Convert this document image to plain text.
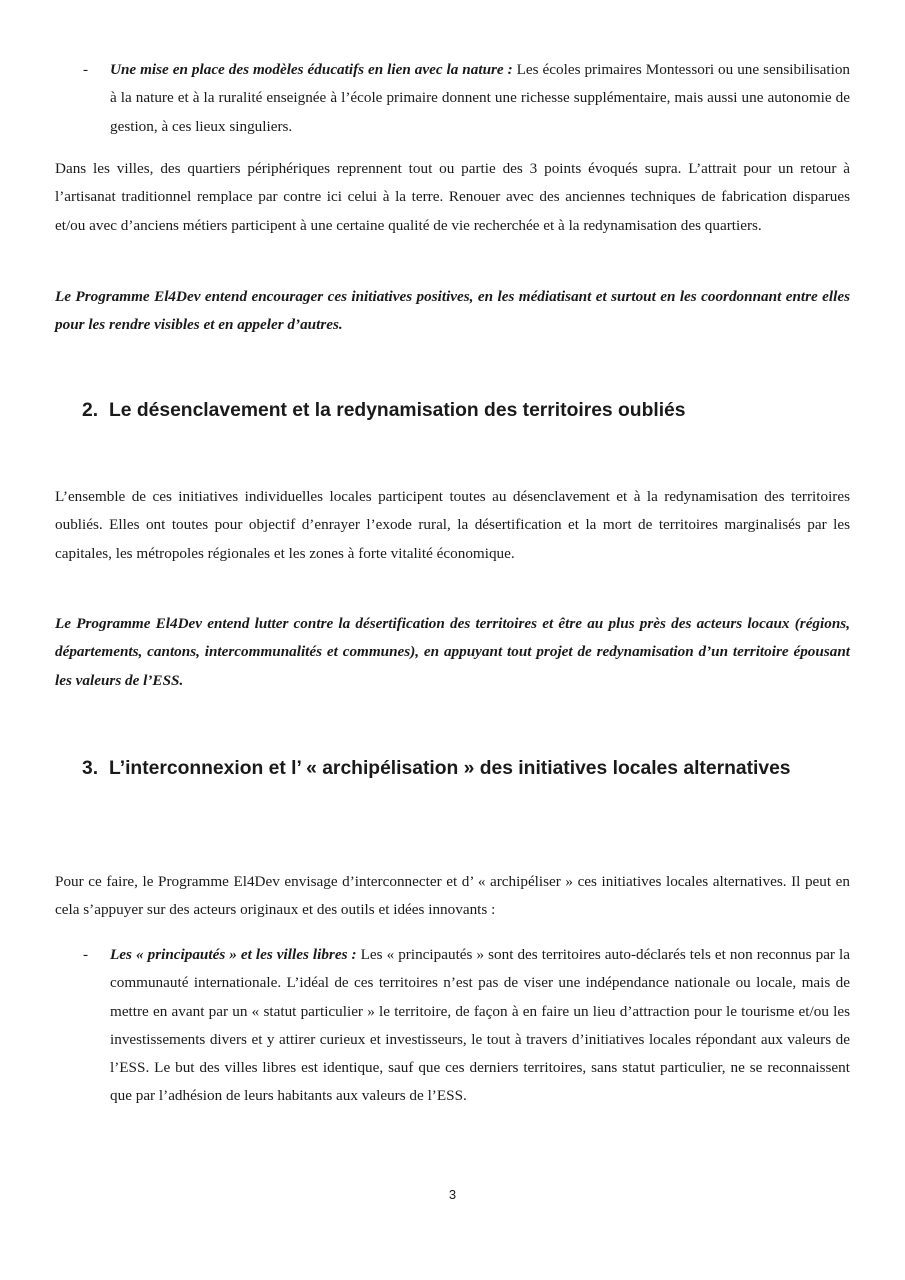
- Une mise en place des modèles éducatifs en lien avec la nature : Les écoles primaires Montessori ou une sensibilisation à la nature et à la ruralité enseignée à l’école primaire donnent une richesse supplémentaire, mais aussi une autonomie de gestion, à ces lieux singuliers.

Dans les villes, des quartiers périphériques reprennent tout ou partie des 3 points évoqués supra. L’attrait pour un retour à l’artisanat traditionnel remplace par contre ici celui à la terre. Renouer avec des anciennes techniques de fabrication disparues et/ou avec d’anciens métiers participent à une certaine qualité de vie recherchée et à la redynamisation des quartiers.

Le Programme El4Dev entend encourager ces initiatives positives, en les médiatisant et surtout en les coordonnant entre elles pour les rendre visibles et en appeler d’autres.

2. Le désenclavement et la redynamisation des territoires oubliés

L’ensemble de ces initiatives individuelles locales participent toutes au désenclavement et à la redynamisation des territoires oubliés. Elles ont toutes pour objectif d’enrayer l’exode rural, la désertification et la mort de territoires marginalisés par les capitales, les métropoles régionales et les zones à forte vitalité économique.

Le Programme El4Dev entend lutter contre la désertification des territoires et être au plus près des acteurs locaux (régions, départements, cantons, intercommunalités et communes), en appuyant tout projet de redynamisation d’un territoire épousant les valeurs de l’ESS.

3. L’interconnexion et l’ « archipélisation » des initiatives locales alternatives

Pour ce faire, le Programme El4Dev envisage d’interconnecter et d’ « archipéliser » ces initiatives locales alternatives. Il peut en cela s’appuyer sur des acteurs originaux et des outils et idées innovants :

- Les « principautés » et les villes libres : Les « principautés » sont des territoires auto-déclarés tels et non reconnus par la communauté internationale. L’idéal de ces territoires n’est pas de viser une indépendance nationale ou locale, mais de mettre en avant par un « statut particulier » le territoire, de façon à en faire un lieu d’attraction pour le tourisme et/ou les investissements divers et y attirer curieux et investisseurs, le tout à travers d’initiatives locales répondant aux valeurs de l’ESS. Le but des villes libres est identique, sauf que ces derniers territoires, sans statut particulier, ne se reconnaissent que par l’adhésion de leurs habitants aux valeurs de l’ESS.

3
